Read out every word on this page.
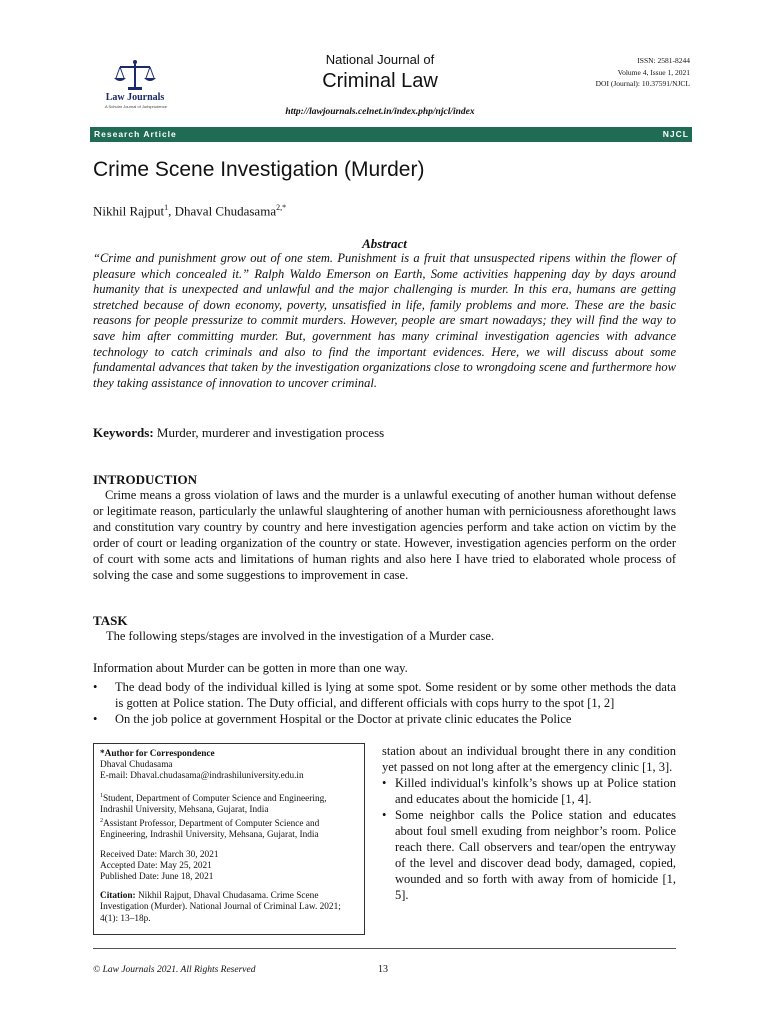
Law Journals
A Scholar Journal of Jurisprudence
National Journal of
Criminal Law
http://lawjournals.celnet.in/index.php/njcl/index
ISSN: 2581-8244
Volume 4, Issue 1, 2021
DOI (Journal): 10.37591/NJCL
Research Article	NJCL
Crime Scene Investigation (Murder)
Nikhil Rajput$^1$, Dhaval Chudasama$^{2,*}$
Abstract
“Crime and punishment grow out of one stem. Punishment is a fruit that unsuspected ripens within the flower of pleasure which concealed it.” Ralph Waldo Emerson on Earth, Some activities happening day by days around humanity that is unexpected and unlawful and the major challenging is murder. In this era, humans are getting stretched because of down economy, poverty, unsatisfied in life, family problems and more. These are the basic reasons for people pressurize to commit murders. However, people are smart nowadays; they will find the way to save him after committing murder. But, government has many criminal investigation agencies with advance technology to catch criminals and also to find the important evidences. Here, we will discuss about some fundamental advances that taken by the investigation organizations close to wrongdoing scene and furthermore how they taking assistance of innovation to uncover criminal.
Keywords: Murder, murderer and investigation process
INTRODUCTION
Crime means a gross violation of laws and the murder is a unlawful executing of another human without defense or legitimate reason, particularly the unlawful slaughtering of another human with perniciousness aforethought laws and constitution vary country by country and here investigation agencies perform and take action on victim by the order of court or leading organization of the country or state. However, investigation agencies perform on the order of court with some acts and limitations of human rights and also here I have tried to elaborated whole process of solving the case and some suggestions to improvement in case.
TASK
The following steps/stages are involved in the investigation of a Murder case.
Information about Murder can be gotten in more than one way.
• The dead body of the individual killed is lying at some spot. Some resident or by some other methods the data is gotten at Police station. The Duty official, and different officials with cops hurry to the spot [1, 2]
• On the job police at government Hospital or the Doctor at private clinic educates the Police

*Author for Correspondence

Dhaval Chudasama

E-mail: Dhaval.chudasama@indrashiluniversity.edu.in

$^1$Student, Department of Computer Science and Engineering, Indrashil University, Mehsana, Gujarat, India

$^2$Assistant Professor, Department of Computer Science and Engineering, Indrashil University, Mehsana, Gujarat, India

Received Date: March 30, 2021

Accepted Date: May 25, 2021

Published Date: June 18, 2021

Citation: Nikhil Rajput, Dhaval Chudasama. Crime Scene Investigation (Murder). National Journal of Criminal Law. 2021; 4(1): 13–18p.

station about an individual brought there in any condition yet passed on not long after at the emergency clinic [1, 3].
• Killed individual's kinfolk’s shows up at Police station and educates about the homicide [1, 4].
• Some neighbor calls the Police station and educates about foul smell exuding from neighbor’s room. Police reach there. Call observers and tear/open the entryway of the level and discover dead body, damaged, copied, wounded and so forth with away from of homicide [1, 5].
© Law Journals 2021. All Rights Reserved	13
